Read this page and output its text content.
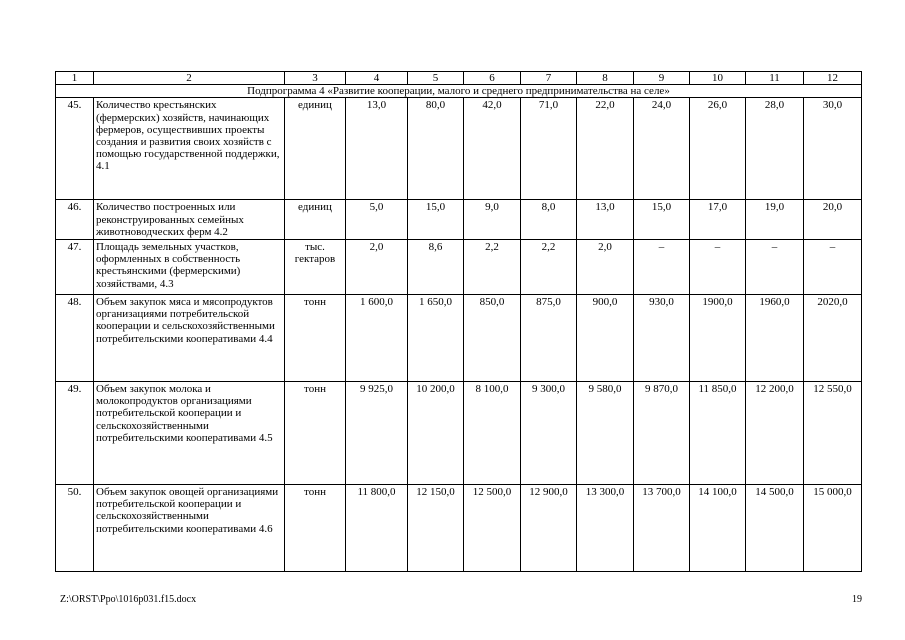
1	2	3	4	5	6	7	8	9	10	11	12
Подпрограмма 4 «Развитие кооперации, малого и среднего предпринимательства на селе»											
45.	Количество крестьянских (фермерских) хозяйств, начинающих фермеров, осуществивших проекты создания и развития своих хозяйств с помощью государственной поддержки, 4.1	единиц	13,0	80,0	42,0	71,0	22,0	24,0	26,0	28,0	30,0
46.	Количество построенных или реконструированных семейных животноводческих ферм 4.2	единиц	5,0	15,0	9,0	8,0	13,0	15,0	17,0	19,0	20,0
47.	Площадь земельных участков, оформленных в собственность крестьянскими (фермерскими) хозяйствами, 4.3	тыс. гектаров	2,0	8,6	2,2	2,2	2,0	–	–	–	–
48.	Объем закупок мяса и мясопродуктов организациями потребительской кооперации и сельскохозяйственными потребительскими кооперативами 4.4	тонн	1 600,0	1 650,0	850,0	875,0	900,0	930,0	1900,0	1960,0	2020,0
49.	Объем закупок молока и молокопродуктов организациями потребительской кооперации и сельскохозяйственными потребительскими кооперативами 4.5	тонн	9 925,0	10 200,0	8 100,0	9 300,0	9 580,0	9 870,0	11 850,0	12 200,0	12 550,0
50.	Объем закупок овощей организациями потребительской кооперации и сельскохозяйственными потребительскими кооперативами 4.6	тонн	11 800,0	12 150,0	12 500,0	12 900,0	13 300,0	13 700,0	14 100,0	14 500,0	15 000,0
Z:\ORST\Ppo\1016p031.f15.docx	19
